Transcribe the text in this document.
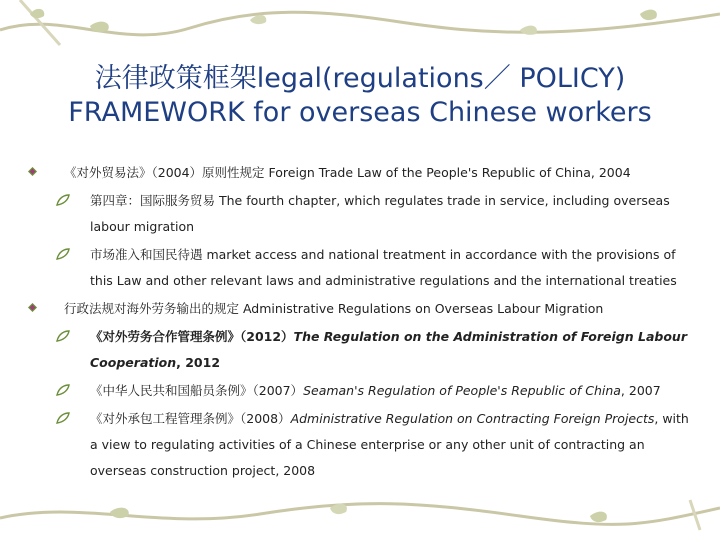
法律政策框架legal(regulations／ POLICY)
FRAMEWORK for overseas Chinese workers
《对外贸易法》（2004）原则性规定 Foreign Trade Law of the People's Republic of China, 2004
第四章：国际服务贸易 The fourth chapter, which regulates trade in service, including overseas labour migration
市场准入和国民待遇 market access and national treatment in accordance with the provisions of this Law and other relevant laws and administrative regulations and the international treaties
行政法规对海外劳务输出的规定 Administrative Regulations on Overseas Labour Migration
《对外劳务合作管理条例》（2012）The Regulation on the Administration of Foreign Labour Cooperation, 2012
《中华人民共和国船员条例》（2007）Seaman's Regulation of People's Republic of China, 2007
《对外承包工程管理条例》（2008）Administrative Regulation on Contracting Foreign Projects, with a view to regulating activities of a Chinese enterprise or any other unit of contracting an overseas construction project, 2008
